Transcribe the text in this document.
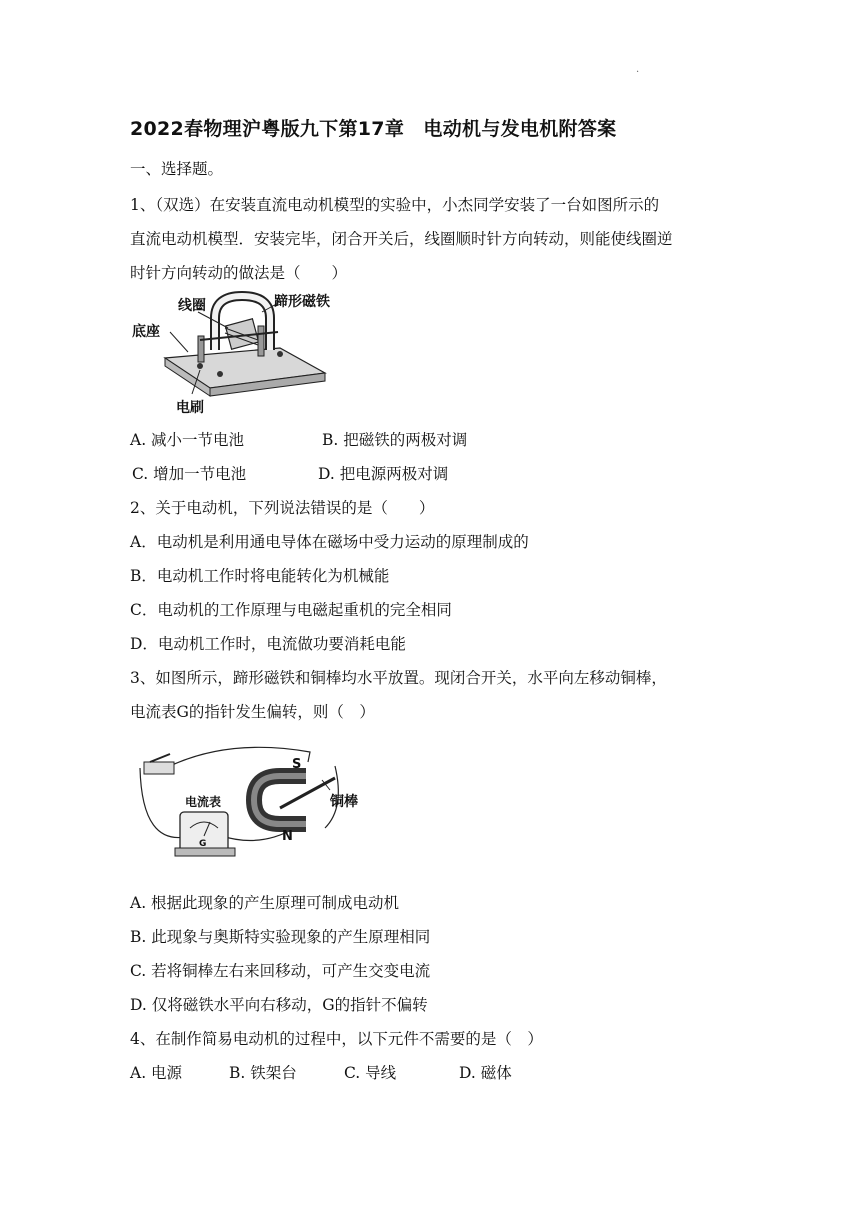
.
2022春物理沪粤版九下第17章　电动机与发电机附答案
一、选择题。
1、（双选）在安装直流电动机模型的实验中，小杰同学安装了一台如图所示的
直流电动机模型．安装完毕，闭合开关后，线圈顺时针方向转动，则能使线圈逆
时针方向转动的做法是（　　）
线圈	蹄形磁铁
底座
电刷
A. 减小一节电池	B. 把磁铁的两极对调
C. 增加一节电池	D. 把电源两极对调
2、关于电动机，下列说法错误的是（　　）
A．电动机是利用通电导体在磁场中受力运动的原理制成的
B．电动机工作时将电能转化为机械能
C．电动机的工作原理与电磁起重机的完全相同
D．电动机工作时，电流做功要消耗电能
3、如图所示，蹄形磁铁和铜棒均水平放置。现闭合开关，水平向左移动铜棒，
电流表G的指针发生偏转，则（　）
电流表
G
S
N
铜棒
A. 根据此现象的产生原理可制成电动机
B. 此现象与奥斯特实验现象的产生原理相同
C. 若将铜棒左右来回移动，可产生交变电流
D. 仅将磁铁水平向右移动，G的指针不偏转
4、在制作简易电动机的过程中，以下元件不需要的是（　）
A. 电源	B. 铁架台	C. 导线	D. 磁体
